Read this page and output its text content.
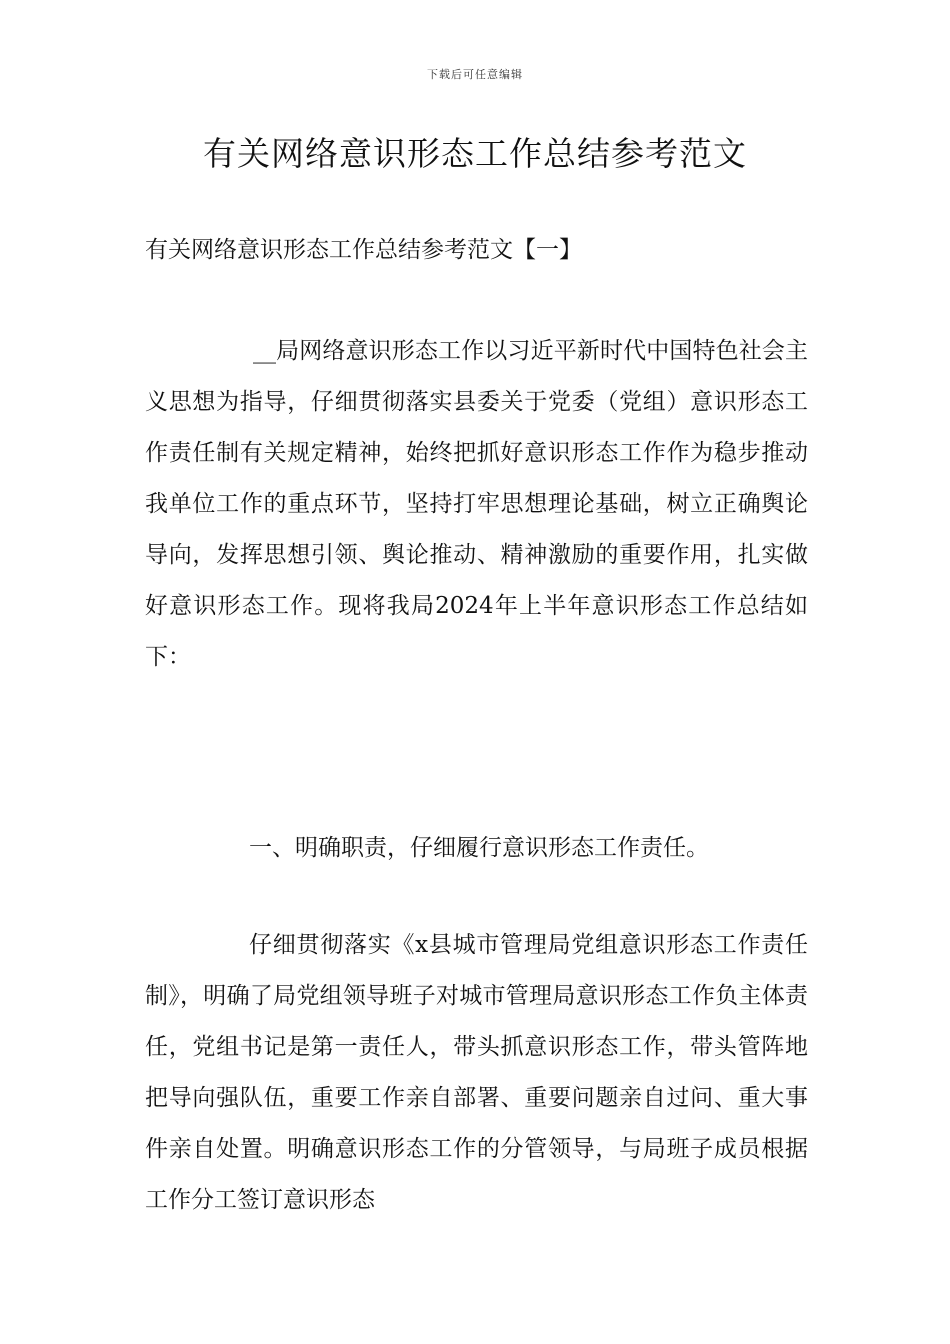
下载后可任意编辑
有关网络意识形态工作总结参考范文

有关网络意识形态工作总结参考范文【一】

__局网络意识形态工作以习近平新时代中国特色社会主义思想为指导，仔细贯彻落实县委关于党委（党组）意识形态工作责任制有关规定精神，始终把抓好意识形态工作作为稳步推动我单位工作的重点环节，坚持打牢思想理论基础，树立正确舆论导向，发挥思想引领、舆论推动、精神激励的重要作用，扎实做好意识形态工作。现将我局2024年上半年意识形态工作总结如下：

一、明确职责，仔细履行意识形态工作责任。

仔细贯彻落实《x县城市管理局党组意识形态工作责任制》，明确了局党组领导班子对城市管理局意识形态工作负主体责任，党组书记是第一责任人，带头抓意识形态工作，带头管阵地把导向强队伍，重要工作亲自部署、重要问题亲自过问、重大事件亲自处置。明确意识形态工作的分管领导，与局班子成员根据工作分工签订意识形态
